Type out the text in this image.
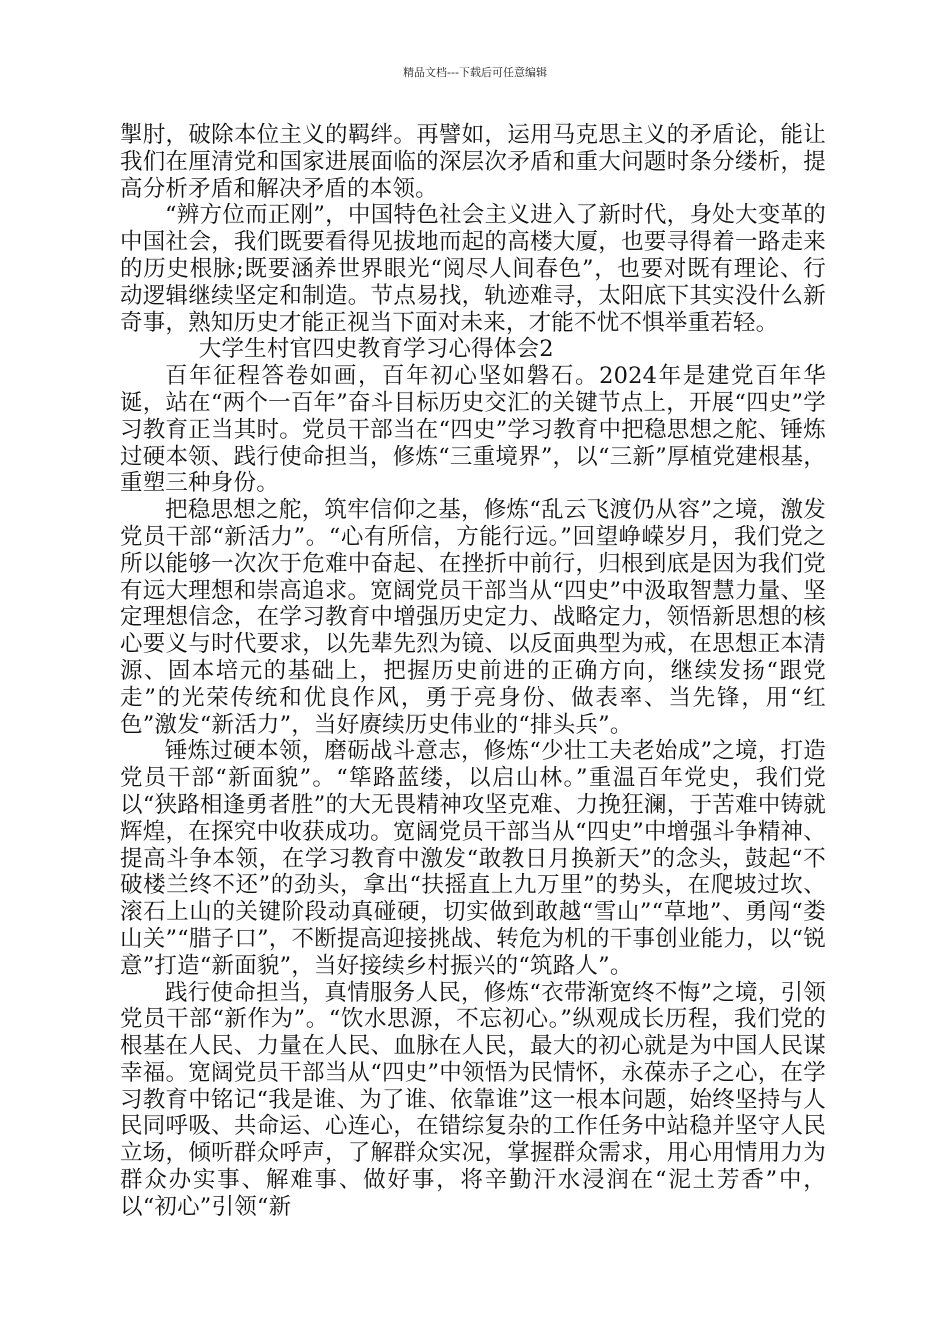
精品文档---下载后可任意编辑

掣肘，破除本位主义的羁绊。再譬如，运用马克思主义的矛盾论，能让我们在厘清党和国家进展面临的深层次矛盾和重大问题时条分缕析，提高分析矛盾和解决矛盾的本领。

“辨方位而正刚”，中国特色社会主义进入了新时代，身处大变革的中国社会，我们既要看得见拔地而起的高楼大厦，也要寻得着一路走来的历史根脉;既要涵养世界眼光“阅尽人间春色”，也要对既有理论、行动逻辑继续坚定和制造。节点易找，轨迹难寻，太阳底下其实没什么新奇事，熟知历史才能正视当下面对未来，才能不忧不惧举重若轻。

大学生村官四史教育学习心得体会2

百年征程答卷如画，百年初心坚如磐石。2024年是建党百年华诞，站在“两个一百年”奋斗目标历史交汇的关键节点上，开展“四史”学习教育正当其时。党员干部当在“四史”学习教育中把稳思想之舵、锤炼过硬本领、践行使命担当，修炼“三重境界”，以“三新”厚植党建根基，重塑三种身份。

把稳思想之舵，筑牢信仰之基，修炼“乱云飞渡仍从容”之境，激发党员干部“新活力”。“心有所信，方能行远。”回望峥嵘岁月，我们党之所以能够一次次于危难中奋起、在挫折中前行，归根到底是因为我们党有远大理想和崇高追求。宽阔党员干部当从“四史”中汲取智慧力量、坚定理想信念，在学习教育中增强历史定力、战略定力，领悟新思想的核心要义与时代要求，以先辈先烈为镜、以反面典型为戒，在思想正本清源、固本培元的基础上，把握历史前进的正确方向，继续发扬“跟党走”的光荣传统和优良作风，勇于亮身份、做表率、当先锋，用“红色”激发“新活力”，当好赓续历史伟业的“排头兵”。

锤炼过硬本领，磨砺战斗意志，修炼“少壮工夫老始成”之境，打造党员干部“新面貌”。“筚路蓝缕，以启山林。”重温百年党史，我们党以“狭路相逢勇者胜”的大无畏精神攻坚克难、力挽狂澜，于苦难中铸就辉煌，在探究中收获成功。宽阔党员干部当从“四史”中增强斗争精神、提高斗争本领，在学习教育中激发“敢教日月换新天”的念头，鼓起“不破楼兰终不还”的劲头，拿出“扶摇直上九万里”的势头，在爬坡过坎、滚石上山的关键阶段动真碰硬，切实做到敢越“雪山”“草地”、勇闯“娄山关”“腊子口”，不断提高迎接挑战、转危为机的干事创业能力，以“锐意”打造“新面貌”，当好接续乡村振兴的“筑路人”。

践行使命担当，真情服务人民，修炼“衣带渐宽终不悔”之境，引领党员干部“新作为”。“饮水思源，不忘初心。”纵观成长历程，我们党的根基在人民、力量在人民、血脉在人民，最大的初心就是为中国人民谋幸福。宽阔党员干部当从“四史”中领悟为民情怀，永葆赤子之心，在学习教育中铭记“我是谁、为了谁、依靠谁”这一根本问题，始终坚持与人民同呼吸、共命运、心连心，在错综复杂的工作任务中站稳并坚守人民立场，倾听群众呼声，了解群众实况，掌握群众需求，用心用情用力为群众办实事、解难事、做好事，将辛勤汗水浸润在“泥土芳香”中，以“初心”引领“新
